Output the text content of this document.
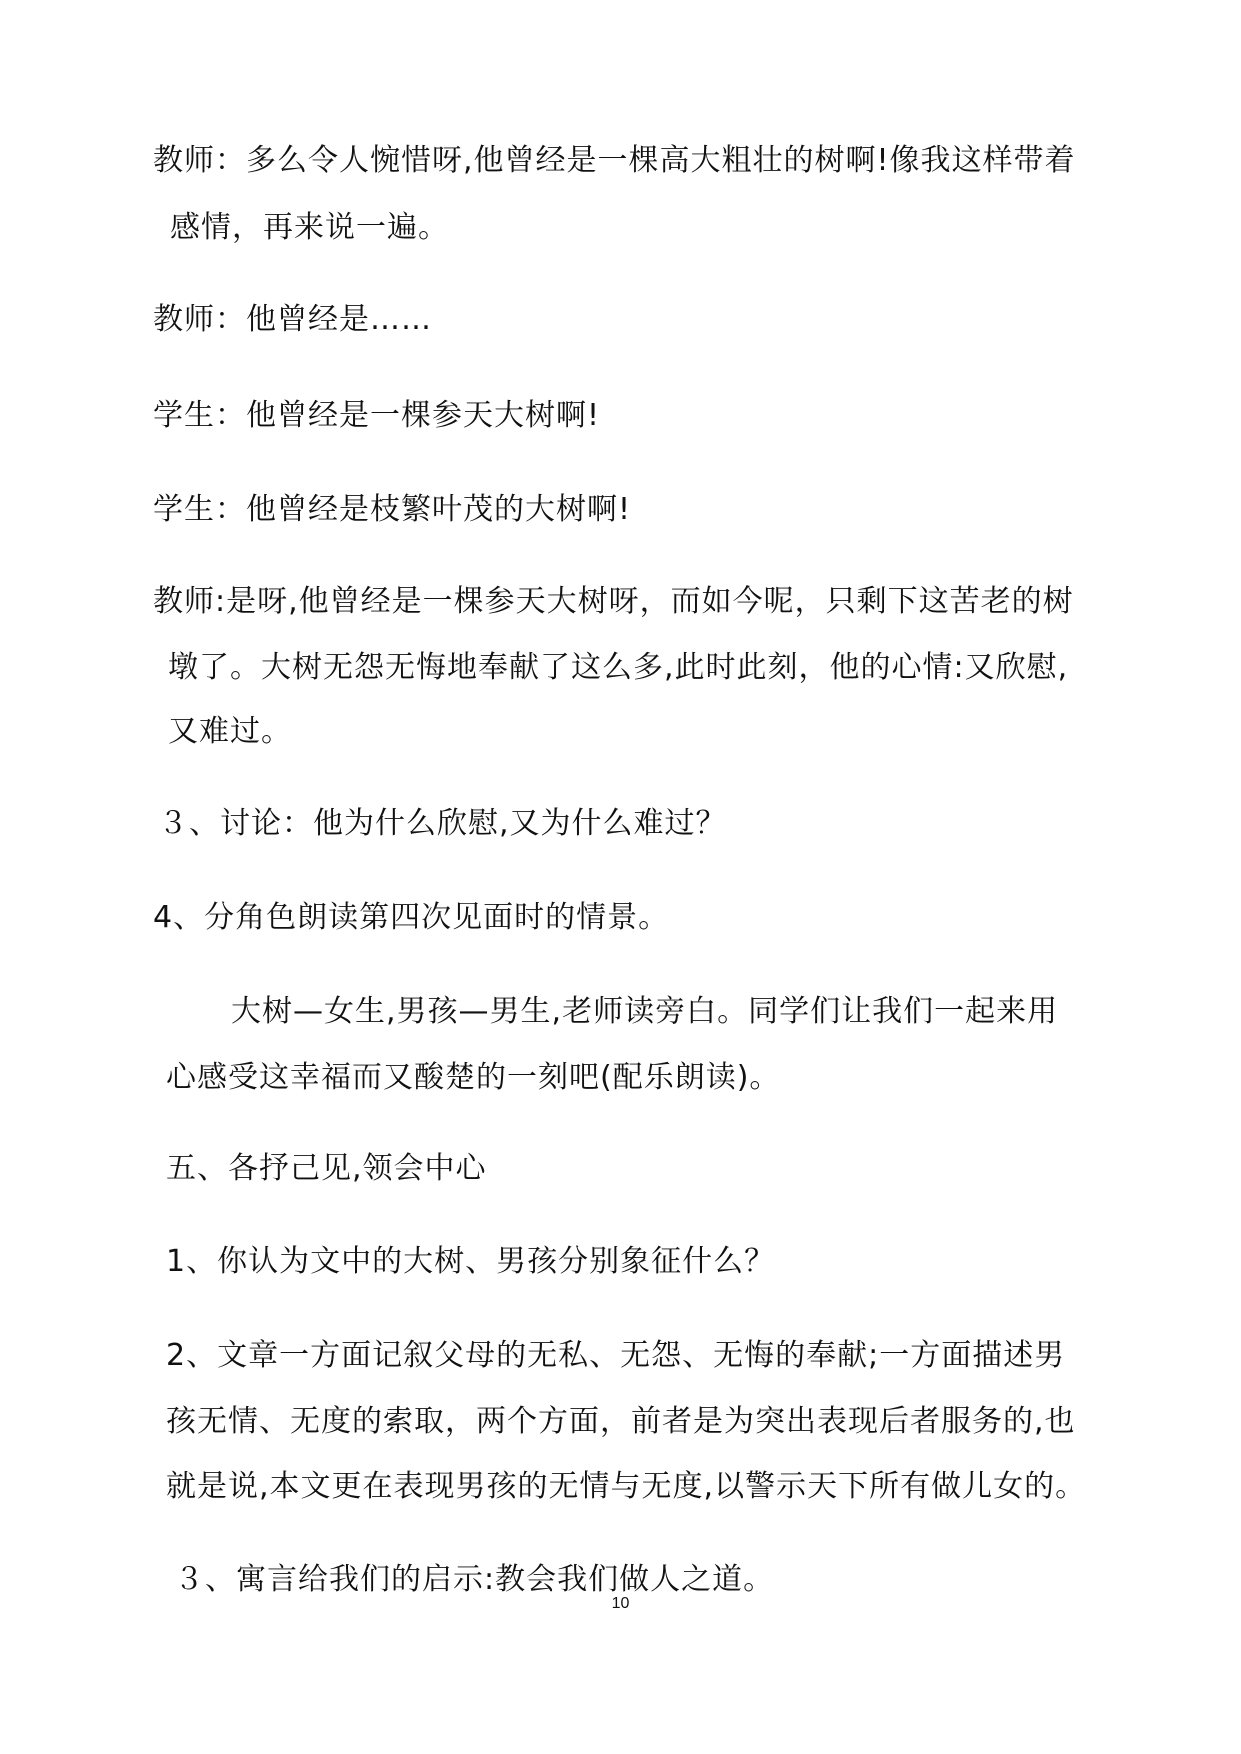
教师：多么令人惋惜呀,他曾经是一棵高大粗壮的树啊!像我这样带着
感情，再来说一遍。
教师：他曾经是……
学生：他曾经是一棵参天大树啊!
学生：他曾经是枝繁叶茂的大树啊!
教师:是呀,他曾经是一棵参天大树呀，而如今呢，只剩下这苦老的树
墩了。大树无怨无悔地奉献了这么多,此时此刻，他的心情:又欣慰,
又难过。
３、讨论：他为什么欣慰,又为什么难过？
4、分角色朗读第四次见面时的情景。
大树—女生,男孩—男生,老师读旁白。同学们让我们一起来用
心感受这幸福而又酸楚的一刻吧(配乐朗读)。
五、各抒己见,领会中心
1、你认为文中的大树、男孩分别象征什么？
2、文章一方面记叙父母的无私、无怨、无悔的奉献;一方面描述男
孩无情、无度的索取，两个方面，前者是为突出表现后者服务的,也
就是说,本文更在表现男孩的无情与无度,以警示天下所有做儿女的。
３、寓言给我们的启示:教会我们做人之道。
10
